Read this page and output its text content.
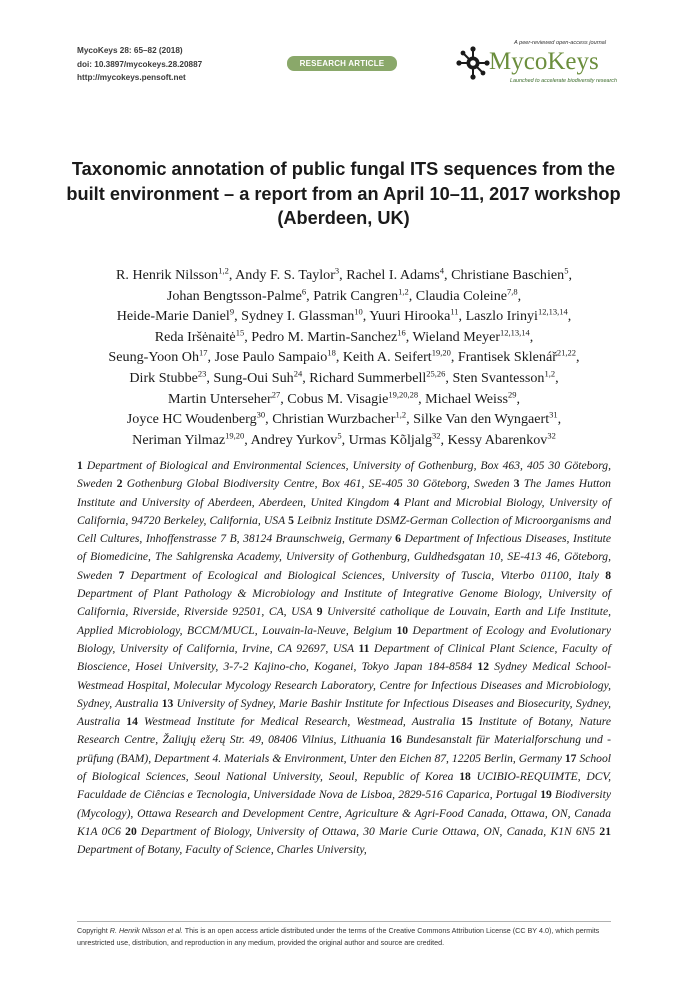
MycoKeys 28: 65–82 (2018)
doi: 10.3897/mycokeys.28.20887
http://mycokeys.pensoft.net
RESEARCH ARTICLE
A peer-reviewed open-access journal
MycoKeys
Launched to accelerate biodiversity research
Taxonomic annotation of public fungal ITS sequences from the built environment – a report from an April 10–11, 2017 workshop (Aberdeen, UK)
R. Henrik Nilsson$^{1,2}$, Andy F. S. Taylor$^3$, Rachel I. Adams$^4$, Christiane Baschien$^5$,
Johan Bengtsson-Palme$^6$, Patrik Cangren$^{1,2}$, Claudia Coleine$^{7,8}$,
Heide-Marie Daniel$^9$, Sydney I. Glassman$^{10}$, Yuuri Hirooka$^{11}$, Laszlo Irinyi$^{12,13,14}$,
Reda Iršėnaitė$^{15}$, Pedro M. Martin-Sanchez$^{16}$, Wieland Meyer$^{12,13,14}$,
Seung-Yoon Oh$^{17}$, Jose Paulo Sampaio$^{18}$, Keith A. Seifert$^{19,20}$, Frantisek Sklenář$^{21,22}$,
Dirk Stubbe$^{23}$, Sung-Oui Suh$^{24}$, Richard Summerbell$^{25,26}$, Sten Svantesson$^{1,2}$,
Martin Unterseher$^{27}$, Cobus M. Visagie$^{19,20,28}$, Michael Weiss$^{29}$,
Joyce HC Woudenberg$^{30}$, Christian Wurzbacher$^{1,2}$, Silke Van den Wyngaert$^{31}$,
Neriman Yilmaz$^{19,20}$, Andrey Yurkov$^5$, Urmas Kõljalg$^{32}$, Kessy Abarenkov$^{32}$
1 Department of Biological and Environmental Sciences, University of Gothenburg, Box 463, 405 30 Göteborg, Sweden 2 Gothenburg Global Biodiversity Centre, Box 461, SE-405 30 Göteborg, Sweden 3 The James Hutton Institute and University of Aberdeen, Aberdeen, United Kingdom 4 Plant and Microbial Biology, University of California, 94720 Berkeley, California, USA 5 Leibniz Institute DSMZ-German Collection of Microorganisms and Cell Cultures, Inhoffenstrasse 7 B, 38124 Braunschweig, Germany 6 Department of Infectious Diseases, Institute of Biomedicine, The Sahlgrenska Academy, University of Gothenburg, Guldhedsgatan 10, SE-413 46, Göteborg, Sweden 7 Department of Ecological and Biological Sciences, University of Tuscia, Viterbo 01100, Italy 8 Department of Plant Pathology & Microbiology and Institute of Integrative Genome Biology, University of California, Riverside, Riverside 92501, CA, USA 9 Université catholique de Louvain, Earth and Life Institute, Applied Microbiology, BCCM/MUCL, Louvain-la-Neuve, Belgium 10 Department of Ecology and Evolutionary Biology, University of California, Irvine, CA 92697, USA 11 Department of Clinical Plant Science, Faculty of Bioscience, Hosei University, 3-7-2 Kajino-cho, Koganei, Tokyo Japan 184-8584 12 Sydney Medical School-Westmead Hospital, Molecular Mycology Research Laboratory, Centre for Infectious Diseases and Microbiology, Sydney, Australia 13 University of Sydney, Marie Bashir Institute for Infectious Diseases and Biosecurity, Sydney, Australia 14 Westmead Institute for Medical Research, Westmead, Australia 15 Institute of Botany, Nature Research Centre, Žaliųjų ežerų Str. 49, 08406 Vilnius, Lithuania 16 Bundesanstalt für Materialforschung und -prüfung (BAM), Department 4. Materials & Environment, Unter den Eichen 87, 12205 Berlin, Germany 17 School of Biological Sciences, Seoul National University, Seoul, Republic of Korea 18 UCIBIO-REQUIMTE, DCV, Faculdade de Ciências e Tecnologia, Universidade Nova de Lisboa, 2829-516 Caparica, Portugal 19 Biodiversity (Mycology), Ottawa Research and Development Centre, Agriculture & Agri-Food Canada, Ottawa, ON, Canada K1A 0C6 20 Department of Biology, University of Ottawa, 30 Marie Curie Ottawa, ON, Canada, K1N 6N5 21 Department of Botany, Faculty of Science, Charles University,
Copyright R. Henrik Nilsson et al. This is an open access article distributed under the terms of the Creative Commons Attribution License (CC BY 4.0), which permits unrestricted use, distribution, and reproduction in any medium, provided the original author and source are credited.
